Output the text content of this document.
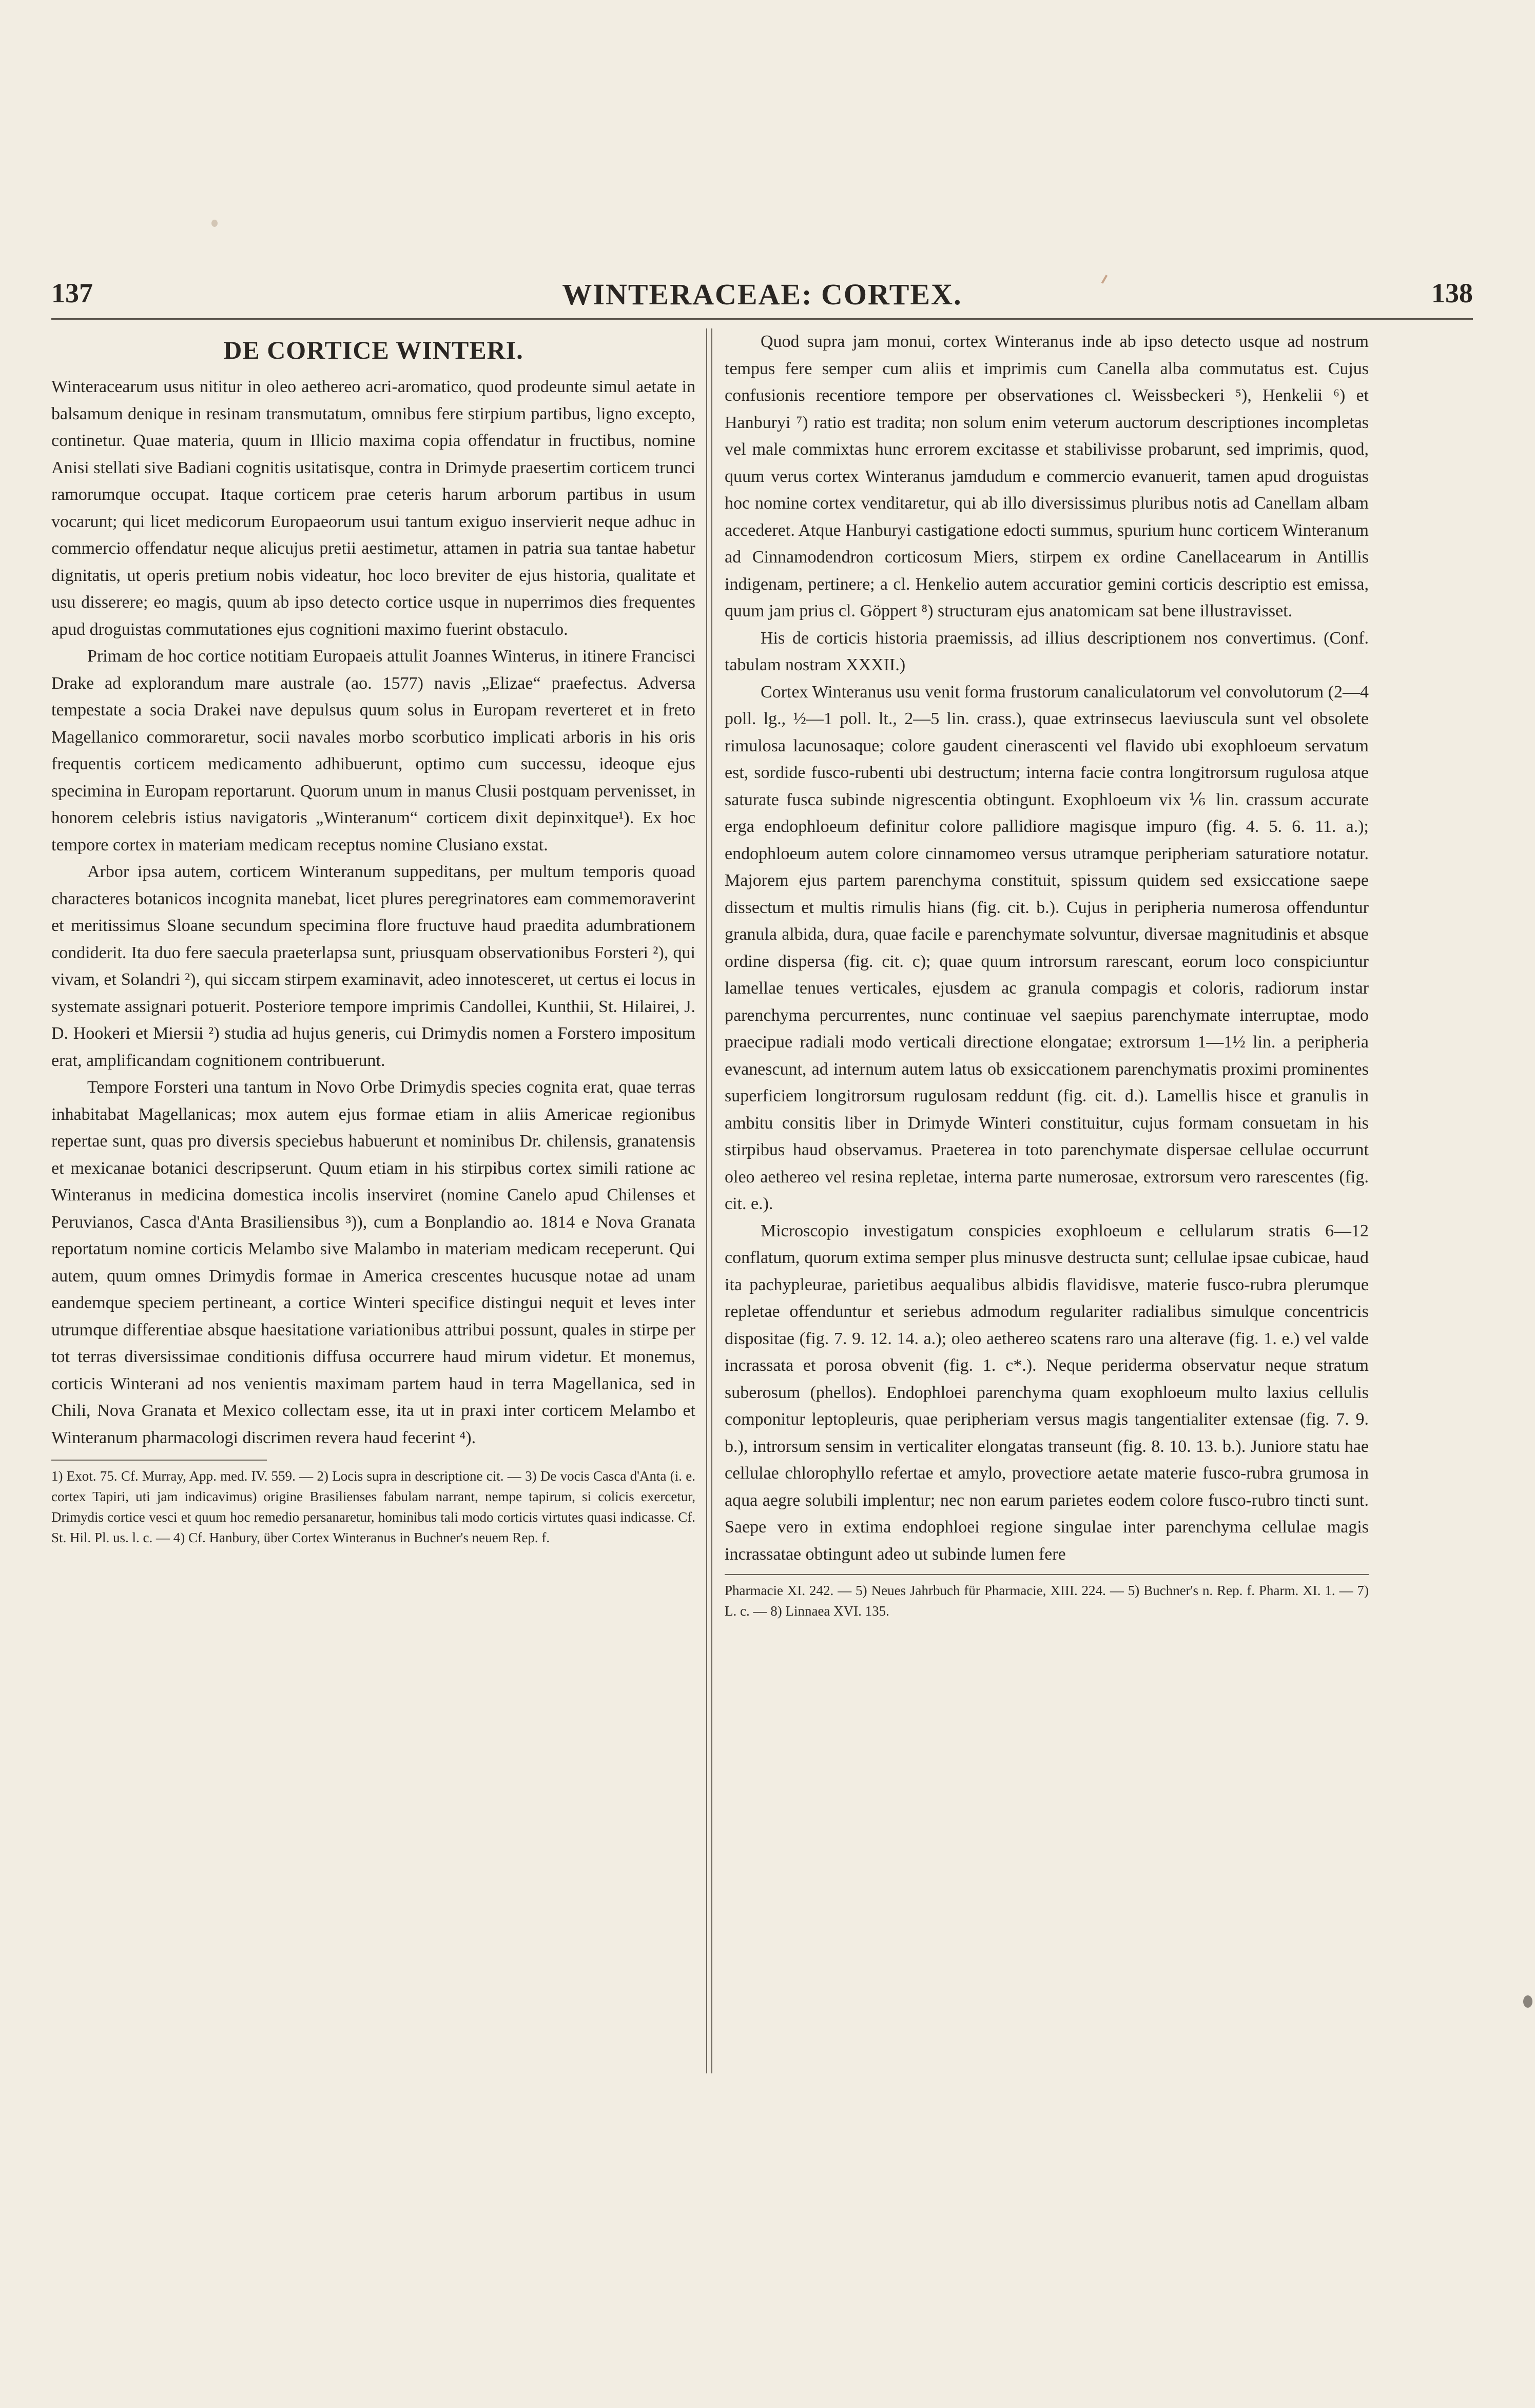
137	WINTERACEAE: CORTEX.	138
DE CORTICE WINTERI.

Winteracearum usus nititur in oleo aethereo acri-aromatico, quod prodeunte simul aetate in balsamum denique in resinam transmutatum, omnibus fere stirpium partibus, ligno excepto, continetur. Quae materia, quum in Illicio maxima copia offendatur in fructibus, nomine Anisi stellati sive Badiani cognitis usitatisque, contra in Drimyde praesertim corticem trunci ramorumque occupat. Itaque corticem prae ceteris harum arborum partibus in usum vocarunt; qui licet medicorum Europaeorum usui tantum exiguo inservierit neque adhuc in commercio offendatur neque alicujus pretii aestimetur, attamen in patria sua tantae habetur dignitatis, ut operis pretium nobis videatur, hoc loco breviter de ejus historia, qualitate et usu disserere; eo magis, quum ab ipso detecto cortice usque in nuperrimos dies frequentes apud droguistas commutationes ejus cognitioni maximo fuerint obstaculo.

Primam de hoc cortice notitiam Europaeis attulit Joannes Winterus, in itinere Francisci Drake ad explorandum mare australe (ao. 1577) navis „Elizae“ praefectus. Adversa tempestate a socia Drakei nave depulsus quum solus in Europam reverteret et in freto Magellanico commoraretur, socii navales morbo scorbutico implicati arboris in his oris frequentis corticem medicamento adhibuerunt, optimo cum successu, ideoque ejus specimina in Europam reportarunt. Quorum unum in manus Clusii postquam pervenisset, in honorem celebris istius navigatoris „Winteranum“ corticem dixit depinxitque¹). Ex hoc tempore cortex in materiam medicam receptus nomine Clusiano exstat.

Arbor ipsa autem, corticem Winteranum suppeditans, per multum temporis quoad characteres botanicos incognita manebat, licet plures peregrinatores eam commemoraverint et meritissimus Sloane secundum specimina flore fructuve haud praedita adumbrationem condiderit. Ita duo fere saecula praeterlapsa sunt, priusquam observationibus Forsteri ²), qui vivam, et Solandri ²), qui siccam stirpem examinavit, adeo innotesceret, ut certus ei locus in systemate assignari potuerit. Posteriore tempore imprimis Candollei, Kunthii, St. Hilairei, J. D. Hookeri et Miersii ²) studia ad hujus generis, cui Drimydis nomen a Forstero impositum erat, amplificandam cognitionem contribuerunt.

Tempore Forsteri una tantum in Novo Orbe Drimydis species cognita erat, quae terras inhabitabat Magellanicas; mox autem ejus formae etiam in aliis Americae regionibus repertae sunt, quas pro diversis speciebus habuerunt et nominibus Dr. chilensis, granatensis et mexicanae botanici descripserunt. Quum etiam in his stirpibus cortex simili ratione ac Winteranus in medicina domestica incolis inserviret (nomine Canelo apud Chilenses et Peruvianos, Casca d'Anta Brasiliensibus ³)), cum a Bonplandio ao. 1814 e Nova Granata reportatum nomine corticis Melambo sive Malambo in materiam medicam receperunt. Qui autem, quum omnes Drimydis formae in America crescentes hucusque notae ad unam eandemque speciem pertineant, a cortice Winteri specifice distingui nequit et leves inter utrumque differentiae absque haesitatione variationibus attribui possunt, quales in stirpe per tot terras diversissimae conditionis diffusa occurrere haud mirum videtur. Et monemus, corticis Winterani ad nos venientis maximam partem haud in terra Magellanica, sed in Chili, Nova Granata et Mexico collectam esse, ita ut in praxi inter corticem Melambo et Winteranum pharmacologi discrimen revera haud fecerint ⁴).

1) Exot. 75. Cf. Murray, App. med. IV. 559. — 2) Locis supra in descriptione cit. — 3) De vocis Casca d'Anta (i. e. cortex Tapiri, uti jam indicavimus) origine Brasilienses fabulam narrant, nempe tapirum, si colicis exercetur, Drimydis cortice vesci et quum hoc remedio persanaretur, hominibus tali modo corticis virtutes quasi indicasse. Cf. St. Hil. Pl. us. l. c. — 4) Cf. Hanbury, über Cortex Winteranus in Buchner's neuem Rep. f.

Quod supra jam monui, cortex Winteranus inde ab ipso detecto usque ad nostrum tempus fere semper cum aliis et imprimis cum Canella alba commutatus est. Cujus confusionis recentiore tempore per observationes cl. Weissbeckeri ⁵), Henkelii ⁶) et Hanburyi ⁷) ratio est tradita; non solum enim veterum auctorum descriptiones incompletas vel male commixtas hunc errorem excitasse et stabilivisse probarunt, sed imprimis, quod, quum verus cortex Winteranus jamdudum e commercio evanuerit, tamen apud droguistas hoc nomine cortex venditaretur, qui ab illo diversissimus pluribus notis ad Canellam albam accederet. Atque Hanburyi castigatione edocti summus, spurium hunc corticem Winteranum ad Cinnamodendron corticosum Miers, stirpem ex ordine Canellacearum in Antillis indigenam, pertinere; a cl. Henkelio autem accuratior gemini corticis descriptio est emissa, quum jam prius cl. Göppert ⁸) structuram ejus anatomicam sat bene illustravisset.

His de corticis historia praemissis, ad illius descriptionem nos convertimus. (Conf. tabulam nostram XXXII.)

Cortex Winteranus usu venit forma frustorum canaliculatorum vel convolutorum (2—4 poll. lg., ½—1 poll. lt., 2—5 lin. crass.), quae extrinsecus laeviuscula sunt vel obsolete rimulosa lacunosaque; colore gaudent cinerascenti vel flavido ubi exophloeum servatum est, sordide fusco-rubenti ubi destructum; interna facie contra longitrorsum rugulosa atque saturate fusca subinde nigrescentia obtingunt. Exophloeum vix ⅙ lin. crassum accurate erga endophloeum definitur colore pallidiore magisque impuro (fig. 4. 5. 6. 11. a.); endophloeum autem colore cinnamomeo versus utramque peripheriam saturatiore notatur. Majorem ejus partem parenchyma constituit, spissum quidem sed exsiccatione saepe dissectum et multis rimulis hians (fig. cit. b.). Cujus in peripheria numerosa offenduntur granula albida, dura, quae facile e parenchymate solvuntur, diversae magnitudinis et absque ordine dispersa (fig. cit. c); quae quum introrsum rarescant, eorum loco conspiciuntur lamellae tenues verticales, ejusdem ac granula compagis et coloris, radiorum instar parenchyma percurrentes, nunc continuae vel saepius parenchymate interruptae, modo praecipue radiali modo verticali directione elongatae; extrorsum 1—1½ lin. a peripheria evanescunt, ad internum autem latus ob exsiccationem parenchymatis proximi prominentes superficiem longitrorsum rugulosam reddunt (fig. cit. d.). Lamellis hisce et granulis in ambitu consitis liber in Drimyde Winteri constituitur, cujus formam consuetam in his stirpibus haud observamus. Praeterea in toto parenchymate dispersae cellulae occurrunt oleo aethereo vel resina repletae, interna parte numerosae, extrorsum vero rarescentes (fig. cit. e.).

Microscopio investigatum conspicies exophloeum e cellularum stratis 6—12 conflatum, quorum extima semper plus minusve destructa sunt; cellulae ipsae cubicae, haud ita pachypleurae, parietibus aequalibus albidis flavidisve, materie fusco-rubra plerumque repletae offenduntur et seriebus admodum regulariter radialibus simulque concentricis dispositae (fig. 7. 9. 12. 14. a.); oleo aethereo scatens raro una alterave (fig. 1. e.) vel valde incrassata et porosa obvenit (fig. 1. c*.). Neque periderma observatur neque stratum suberosum (phellos). Endophloei parenchyma quam exophloeum multo laxius cellulis componitur leptopleuris, quae peripheriam versus magis tangentialiter extensae (fig. 7. 9. b.), introrsum sensim in verticaliter elongatas transeunt (fig. 8. 10. 13. b.). Juniore statu hae cellulae chlorophyllo refertae et amylo, provectiore aetate materie fusco-rubra grumosa in aqua aegre solubili implentur; nec non earum parietes eodem colore fusco-rubro tincti sunt. Saepe vero in extima endophloei regione singulae inter parenchyma cellulae magis incrassatae obtingunt adeo ut subinde lumen fere

Pharmacie XI. 242. — 5) Neues Jahrbuch für Pharmacie, XIII. 224. — 5) Buchner's n. Rep. f. Pharm. XI. 1. — 7) L. c. — 8) Linnaea XVI. 135.
